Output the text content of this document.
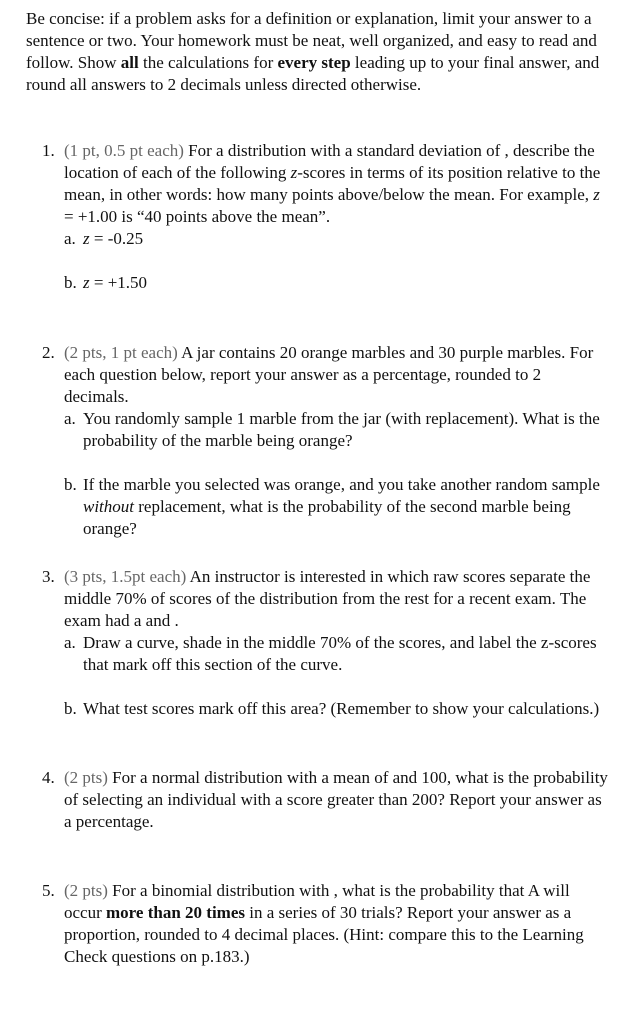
Be concise: if a problem asks for a definition or explanation, limit your answer to a sentence or two. Your homework must be neat, well organized, and easy to read and follow. Show all the calculations for every step leading up to your final answer, and round all answers to 2 decimals unless directed otherwise.
1. (1 pt, 0.5 pt each) For a distribution with a standard deviation of , describe the location of each of the following z-scores in terms of its position relative to the mean, in other words: how many points above/below the mean. For example, z = +1.00 is “40 points above the mean”.
a. z = -0.25
b. z = +1.50
2. (2 pts, 1 pt each) A jar contains 20 orange marbles and 30 purple marbles. For each question below, report your answer as a percentage, rounded to 2 decimals.
a. You randomly sample 1 marble from the jar (with replacement). What is the probability of the marble being orange?
b. If the marble you selected was orange, and you take another random sample without replacement, what is the probability of the second marble being orange?
3. (3 pts, 1.5pt each) An instructor is interested in which raw scores separate the middle 70% of scores of the distribution from the rest for a recent exam. The exam had a and .
a. Draw a curve, shade in the middle 70% of the scores, and label the z-scores that mark off this section of the curve.
b. What test scores mark off this area? (Remember to show your calculations.)
4. (2 pts) For a normal distribution with a mean of and 100, what is the probability of selecting an individual with a score greater than 200? Report your answer as a percentage.
5. (2 pts) For a binomial distribution with , what is the probability that A will occur more than 20 times in a series of 30 trials? Report your answer as a proportion, rounded to 4 decimal places. (Hint: compare this to the Learning Check questions on p.183.)
